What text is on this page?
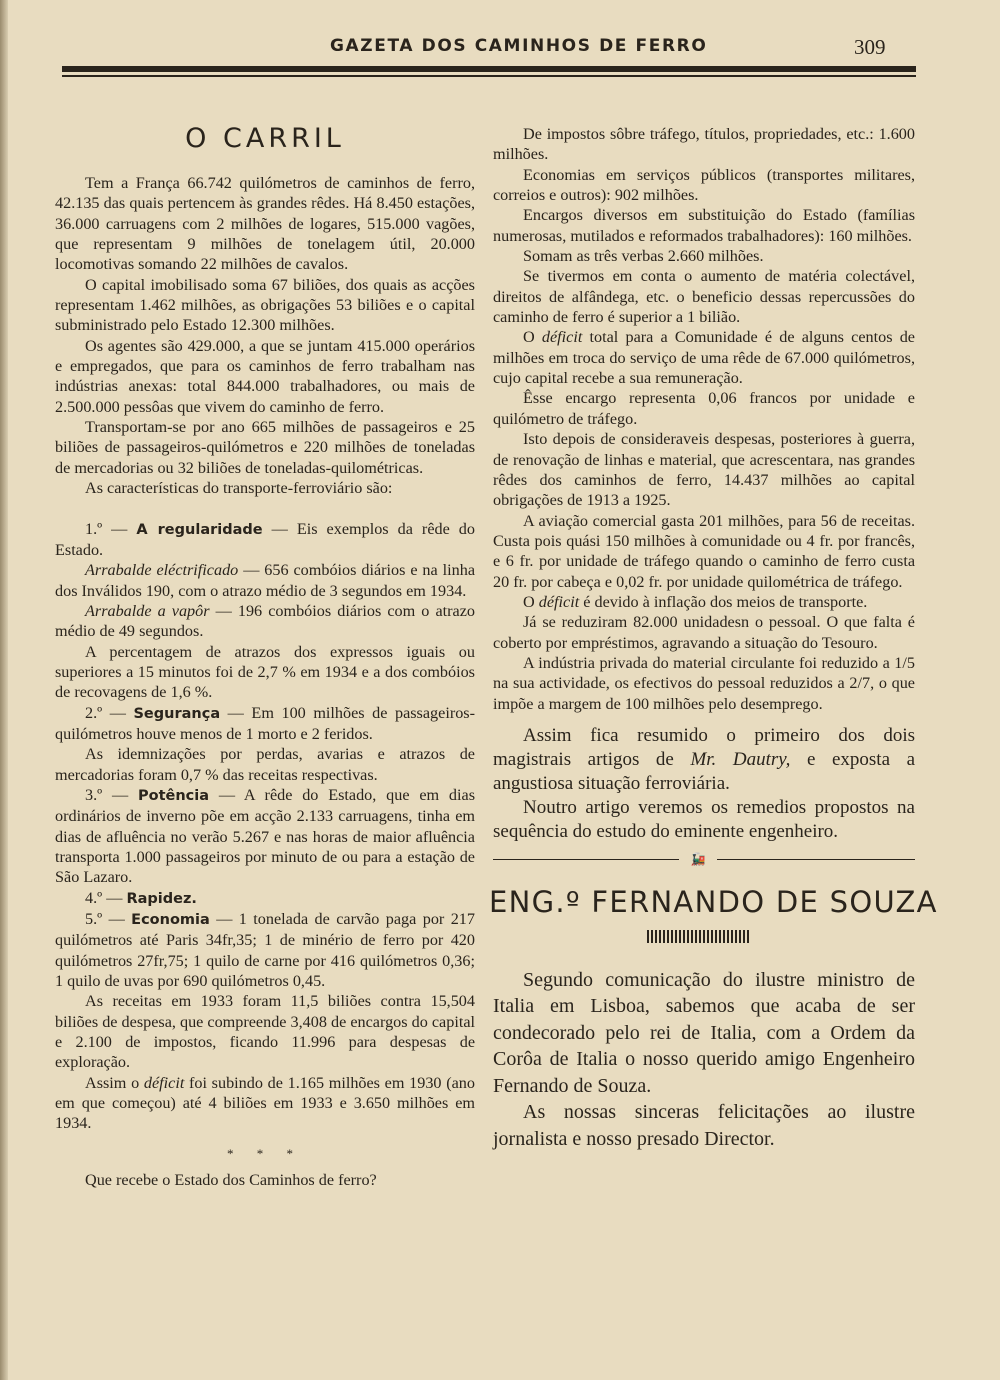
GAZETA DOS CAMINHOS DE FERRO	309
O CARRIL

Tem a França 66.742 quilómetros de caminhos de ferro, 42.135 das quais pertencem às grandes rêdes. Há 8.450 estações, 36.000 carruagens com 2 milhões de logares, 515.000 vagões, que representam 9 milhões de tonelagem útil, 20.000 locomotivas somando 22 milhões de cavalos.

O capital imobilisado soma 67 biliões, dos quais as acções representam 1.462 milhões, as obrigações 53 biliões e o capital subministrado pelo Estado 12.300 milhões.

Os agentes são 429.000, a que se juntam 415.000 operários e empregados, que para os caminhos de ferro trabalham nas indústrias anexas: total 844.000 trabalhadores, ou mais de 2.500.000 pessôas que vivem do caminho de ferro.

Transportam-se por ano 665 milhões de passageiros e 25 biliões de passageiros-quilómetros e 220 milhões de toneladas de mercadorias ou 32 biliões de toneladas-quilométricas.

As características do transporte-ferroviário são:

1.º — A regularidade — Eis exemplos da rêde do Estado.

Arrabalde eléctrificado — 656 combóios diários e na linha dos Inválidos 190, com o atrazo médio de 3 segundos em 1934.

Arrabalde a vapôr — 196 combóios diários com o atrazo médio de 49 segundos.

A percentagem de atrazos dos expressos iguais ou superiores a 15 minutos foi de 2,7 % em 1934 e a dos combóios de recovagens de 1,6 %.

2.º — Segurança — Em 100 milhões de passageiros-quilómetros houve menos de 1 morto e 2 feridos.

As idemnizações por perdas, avarias e atrazos de mercadorias foram 0,7 % das receitas respectivas.

3.º — Potência — A rêde do Estado, que em dias ordinários de inverno põe em acção 2.133 carruagens, tinha em dias de afluência no verão 5.267 e nas horas de maior afluência transporta 1.000 passageiros por minuto de ou para a estação de São Lazaro.

4.º — Rapidez.

5.º — Economia — 1 tonelada de carvão paga por 217 quilómetros até Paris 34fr,35; 1 de minério de ferro por 420 quilómetros 27fr,75; 1 quilo de carne por 416 quilómetros 0,36; 1 quilo de uvas por 690 quilómetros 0,45.

As receitas em 1933 foram 11,5 biliões contra 15,504 biliões de despesa, que compreende 3,408 de encargos do capital e 2.100 de impostos, ficando 11.996 para despesas de exploração.

Assim o déficit foi subindo de 1.165 milhões em 1930 (ano em que começou) até 4 biliões em 1933 e 3.650 milhões em 1934.

* * *

Que recebe o Estado dos Caminhos de ferro?

De impostos sôbre tráfego, títulos, propriedades, etc.: 1.600 milhões.

Economias em serviços públicos (transportes militares, correios e outros): 902 milhões.

Encargos diversos em substituição do Estado (famílias numerosas, mutilados e reformados trabalhadores): 160 milhões.

Somam as três verbas 2.660 milhões.

Se tivermos em conta o aumento de matéria colectável, direitos de alfândega, etc. o beneficio dessas repercussões do caminho de ferro é superior a 1 bilião.

O déficit total para a Comunidade é de alguns centos de milhões em troca do serviço de uma rêde de 67.000 quilómetros, cujo capital recebe a sua remuneração.

Êsse encargo representa 0,06 francos por unidade e quilómetro de tráfego.

Isto depois de consideraveis despesas, posteriores à guerra, de renovação de linhas e material, que acrescentara, nas grandes rêdes dos caminhos de ferro, 14.437 milhões ao capital obrigações de 1913 a 1925.

A aviação comercial gasta 201 milhões, para 56 de receitas. Custa pois quási 150 milhões à comunidade ou 4 fr. por francês, e 6 fr. por unidade de tráfego quando o caminho de ferro custa 20 fr. por cabeça e 0,02 fr. por unidade quilométrica de tráfego.

O déficit é devido à inflação dos meios de transporte.

Já se reduziram 82.000 unidadesn o pessoal. O que falta é coberto por empréstimos, agravando a situação do Tesouro.

A indústria privada do material circulante foi reduzido a 1/5 na sua actividade, os efectivos do pessoal reduzidos a 2/7, o que impõe a margem de 100 milhões pelo desemprego.

Assim fica resumido o primeiro dos dois magistrais artigos de Mr. Dautry, e exposta a angustiosa situação ferroviária.

Noutro artigo veremos os remedios propostos na sequência do estudo do eminente engenheiro.

🚂
ENG.º FERNANDO DE SOUZA

Segundo comunicação do ilustre ministro de Italia em Lisboa, sabemos que acaba de ser condecorado pelo rei de Italia, com a Ordem da Corôa de Italia o nosso querido amigo Engenheiro Fernando de Souza.

As nossas sinceras felicitações ao ilustre jornalista e nosso presado Director.
